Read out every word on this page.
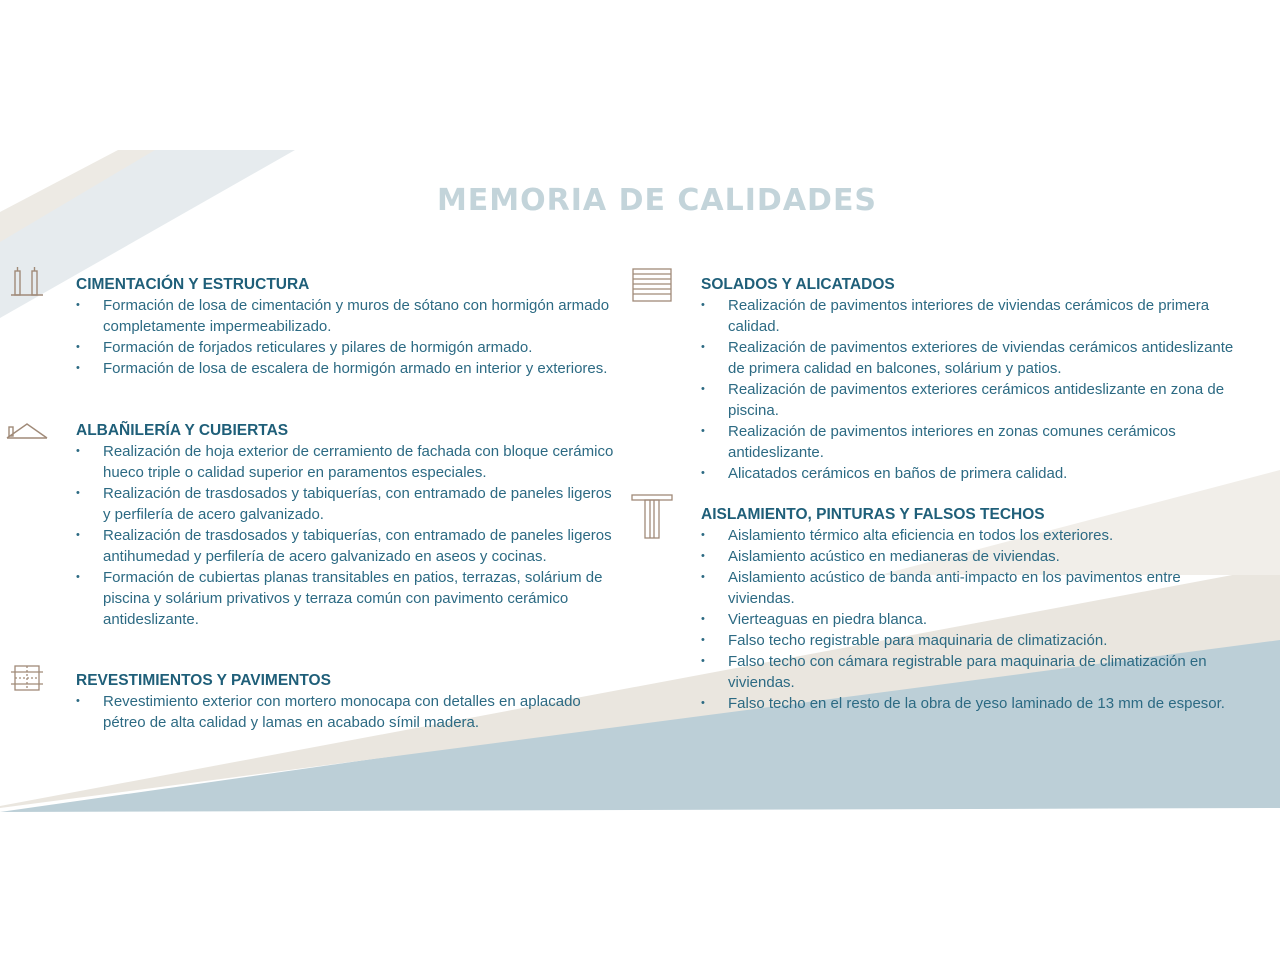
MEMORIA DE CALIDADES
CIMENTACIÓN Y ESTRUCTURA
• Formación de losa de cimentación y muros de sótano con hormigón armado completamente impermeabilizado.
• Formación de forjados reticulares y pilares de hormigón armado.
• Formación de losa de escalera de hormigón armado en interior y exteriores.
ALBAÑILERÍA Y CUBIERTAS
• Realización de hoja exterior de cerramiento de fachada con bloque cerámico hueco triple o calidad superior en paramentos especiales.
• Realización de trasdosados y tabiquerías, con entramado de paneles ligeros y perfilería de acero galvanizado.
• Realización de trasdosados y tabiquerías, con entramado de paneles ligeros antihumedad y perfilería de acero galvanizado en aseos y cocinas.
• Formación de cubiertas planas transitables en patios, terrazas, solárium de piscina y solárium privativos y terraza común con pavimento cerámico antideslizante.
REVESTIMIENTOS Y PAVIMENTOS
• Revestimiento exterior con mortero monocapa con detalles en aplacado pétreo de alta calidad y lamas en acabado símil madera.
SOLADOS Y ALICATADOS
• Realización de pavimentos interiores de viviendas cerámicos de primera calidad.
• Realización de pavimentos exteriores de viviendas cerámicos antideslizante de primera calidad en balcones, solárium y patios.
• Realización de pavimentos exteriores cerámicos antideslizante en zona de piscina.
• Realización de pavimentos interiores en zonas comunes cerámicos antideslizante.
• Alicatados cerámicos en baños de primera calidad.
AISLAMIENTO, PINTURAS Y FALSOS TECHOS
• Aislamiento térmico alta eficiencia en todos los exteriores.
• Aislamiento acústico en medianeras de viviendas.
• Aislamiento acústico de banda anti-impacto en los pavimentos entre viviendas.
• Vierteaguas en piedra blanca.
• Falso techo registrable para maquinaria de climatización.
• Falso techo con cámara registrable para maquinaria de climatización en viviendas.
• Falso techo en el resto de la obra de yeso laminado de 13 mm de espesor.
